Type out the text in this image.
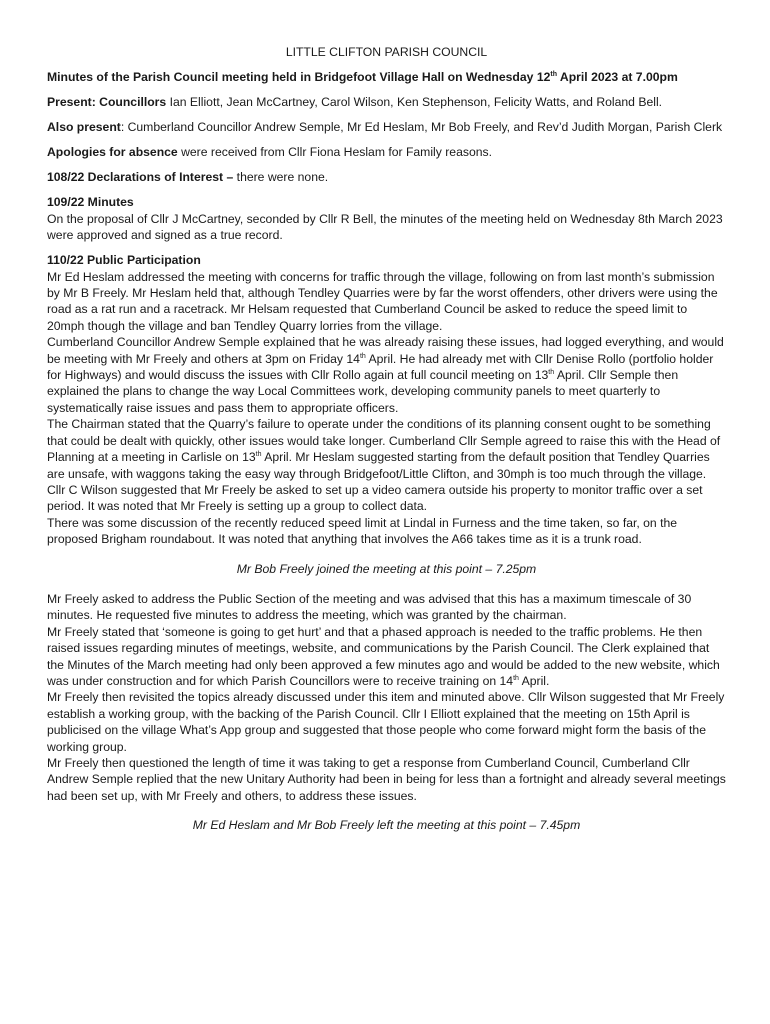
LITTLE CLIFTON PARISH COUNCIL

Minutes of the Parish Council meeting held in Bridgefoot Village Hall on Wednesday 12th April 2023 at 7.00pm

Present: Councillors Ian Elliott, Jean McCartney, Carol Wilson, Ken Stephenson, Felicity Watts, and Roland Bell.

Also present: Cumberland Councillor Andrew Semple, Mr Ed Heslam, Mr Bob Freely, and Rev’d Judith Morgan, Parish Clerk

Apologies for absence were received from Cllr Fiona Heslam for Family reasons.

108/22 Declarations of Interest – there were none.

109/22 Minutes
On the proposal of Cllr J McCartney, seconded by Cllr R Bell, the minutes of the meeting held on Wednesday 8th March 2023 were approved and signed as a true record.

110/22 Public Participation
Mr Ed Heslam addressed the meeting with concerns for traffic through the village, following on from last month’s submission by Mr B Freely. Mr Heslam held that, although Tendley Quarries were by far the worst offenders, other drivers were using the road as a rat run and a racetrack. Mr Helsam requested that Cumberland Council be asked to reduce the speed limit to 20mph though the village and ban Tendley Quarry lorries from the village.
Cumberland Councillor Andrew Semple explained that he was already raising these issues, had logged everything, and would be meeting with Mr Freely and others at 3pm on Friday 14th April. He had already met with Cllr Denise Rollo (portfolio holder for Highways) and would discuss the issues with Cllr Rollo again at full council meeting on 13th April. Cllr Semple then explained the plans to change the way Local Committees work, developing community panels to meet quarterly to systematically raise issues and pass them to appropriate officers.
The Chairman stated that the Quarry’s failure to operate under the conditions of its planning consent ought to be something that could be dealt with quickly, other issues would take longer. Cumberland Cllr Semple agreed to raise this with the Head of Planning at a meeting in Carlisle on 13th April. Mr Heslam suggested starting from the default position that Tendley Quarries are unsafe, with waggons taking the easy way through Bridgefoot/Little Clifton, and 30mph is too much through the village.
Cllr C Wilson suggested that Mr Freely be asked to set up a video camera outside his property to monitor traffic over a set period. It was noted that Mr Freely is setting up a group to collect data.
There was some discussion of the recently reduced speed limit at Lindal in Furness and the time taken, so far, on the proposed Brigham roundabout. It was noted that anything that involves the A66 takes time as it is a trunk road.
Mr Bob Freely joined the meeting at this point – 7.25pm
Mr Freely asked to address the Public Section of the meeting and was advised that this has a maximum timescale of 30 minutes. He requested five minutes to address the meeting, which was granted by the chairman.
Mr Freely stated that ‘someone is going to get hurt’ and that a phased approach is needed to the traffic problems. He then raised issues regarding minutes of meetings, website, and communications by the Parish Council. The Clerk explained that the Minutes of the March meeting had only been approved a few minutes ago and would be added to the new website, which was under construction and for which Parish Councillors were to receive training on 14th April.
Mr Freely then revisited the topics already discussed under this item and minuted above. Cllr Wilson suggested that Mr Freely establish a working group, with the backing of the Parish Council. Cllr I Elliott explained that the meeting on 15th April is publicised on the village What’s App group and suggested that those people who come forward might form the basis of the working group.
Mr Freely then questioned the length of time it was taking to get a response from Cumberland Council, Cumberland Cllr Andrew Semple replied that the new Unitary Authority had been in being for less than a fortnight and already several meetings had been set up, with Mr Freely and others, to address these issues.
Mr Ed Heslam and Mr Bob Freely left the meeting at this point – 7.45pm
